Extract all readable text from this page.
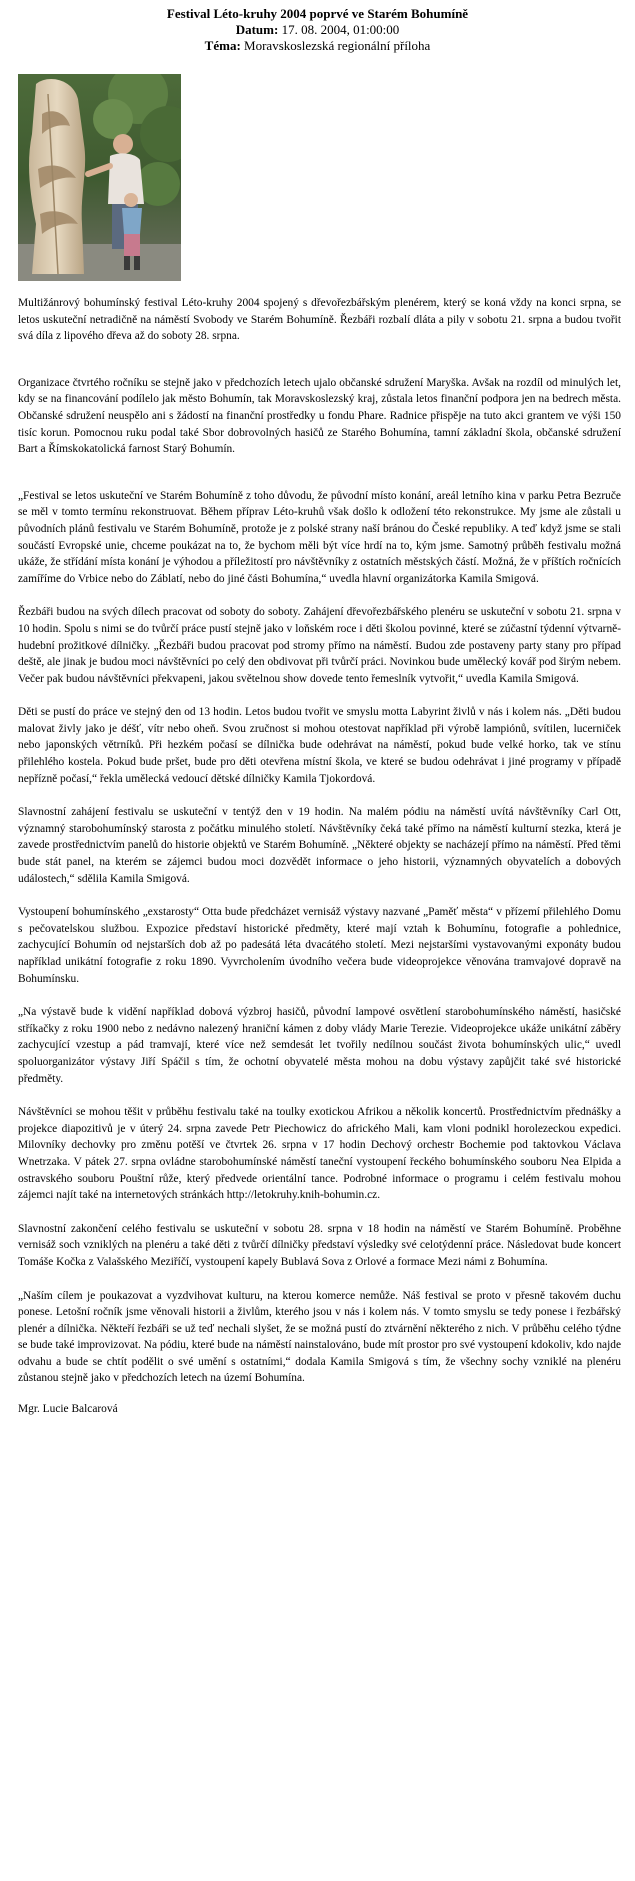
Festival Léto-kruhy 2004 poprvé ve Starém Bohumíně
Datum: 17. 08. 2004, 01:00:00
Téma: Moravskoslezská regionální příloha

Multižánrový bohumínský festival Léto-kruhy 2004 spojený s dřevořezbářským plenérem, který se koná vždy na konci srpna, se letos uskuteční netradičně na náměstí Svobody ve Starém Bohumíně. Řezbáři rozbalí dláta a pily v sobotu 21. srpna a budou tvořit svá díla z lipového dřeva až do soboty 28. srpna.

Organizace čtvrtého ročníku se stejně jako v předchozích letech ujalo občanské sdružení Maryška. Avšak na rozdíl od minulých let, kdy se na financování podílelo jak město Bohumín, tak Moravskoslezský kraj, zůstala letos finanční podpora jen na bedrech města. Občanské sdružení neuspělo ani s žádostí na finanční prostředky u fondu Phare. Radnice přispěje na tuto akci grantem ve výši 150 tisíc korun. Pomocnou ruku podal také Sbor dobrovolných hasičů ze Starého Bohumína, tamní základní škola, občanské sdružení Bart a Římskokatolická farnost Starý Bohumín.

„Festival se letos uskuteční ve Starém Bohumíně z toho důvodu, že původní místo konání, areál letního kina v parku Petra Bezruče se měl v tomto termínu rekonstruovat. Během příprav Léto-kruhů však došlo k odložení této rekonstrukce. My jsme ale zůstali u původních plánů festivalu ve Starém Bohumíně, protože je z polské strany naší bránou do České republiky. A teď když jsme se stali součástí Evropské unie, chceme poukázat na to, že bychom měli být více hrdí na to, kým jsme. Samotný průběh festivalu možná ukáže, že střídání místa konání je výhodou a příležitostí pro návštěvníky z ostatních městských částí. Možná, že v příštích ročnících zamíříme do Vrbice nebo do Záblatí, nebo do jiné části Bohumína,“ uvedla hlavní organizátorka Kamila Smigová.

Řezbáři budou na svých dílech pracovat od soboty do soboty. Zahájení dřevořezbářského plenéru se uskuteční v sobotu 21. srpna v 10 hodin. Spolu s nimi se do tvůrčí práce pustí stejně jako v loňském roce i děti školou povinné, které se zúčastní týdenní výtvarně-hudební prožitkové dílničky. „Řezbáři budou pracovat pod stromy přímo na náměstí. Budou zde postaveny party stany pro případ deště, ale jinak je budou moci návštěvníci po celý den obdivovat při tvůrčí práci. Novinkou bude umělecký kovář pod širým nebem. Večer pak budou návštěvníci překvapeni, jakou světelnou show dovede tento řemeslník vytvořit,“ uvedla Kamila Smigová.

Děti se pustí do práce ve stejný den od 13 hodin. Letos budou tvořit ve smyslu motta Labyrint živlů v nás i kolem nás. „Děti budou malovat živly jako je déšť, vítr nebo oheň. Svou zručnost si mohou otestovat například při výrobě lampiónů, svítilen, lucerniček nebo japonských větrníků. Při hezkém počasí se dílnička bude odehrávat na náměstí, pokud bude velké horko, tak ve stínu přilehlého kostela. Pokud bude pršet, bude pro děti otevřena místní škola, ve které se budou odehrávat i jiné programy v případě nepřízně počasí,“ řekla umělecká vedoucí dětské dílničky Kamila Tjokordová.

Slavnostní zahájení festivalu se uskuteční v tentýž den v 19 hodin. Na malém pódiu na náměstí uvítá návštěvníky Carl Ott, významný starobohumínský starosta z počátku minulého století. Návštěvníky čeká také přímo na náměstí kulturní stezka, která je zavede prostřednictvím panelů do historie objektů ve Starém Bohumíně. „Některé objekty se nacházejí přímo na náměstí. Před těmi bude stát panel, na kterém se zájemci budou moci dozvědět informace o jeho historii, významných obyvatelích a dobových událostech,“ sdělila Kamila Smigová.

Vystoupení bohumínského „exstarosty“ Otta bude předcházet vernisáž výstavy nazvané „Paměť města“ v přízemí přilehlého Domu s pečovatelskou službou. Expozice představí historické předměty, které mají vztah k Bohumínu, fotografie a pohlednice, zachycující Bohumín od nejstarších dob až po padesátá léta dvacátého století. Mezi nejstaršími vystavovanými exponáty budou například unikátní fotografie z roku 1890. Vyvrcholením úvodního večera bude videoprojekce věnována tramvajové dopravě na Bohumínsku.

„Na výstavě bude k vidění například dobová výzbroj hasičů, původní lampové osvětlení starobohumínského náměstí, hasičské stříkačky z roku 1900 nebo z nedávno nalezený hraniční kámen z doby vlády Marie Terezie. Videoprojekce ukáže unikátní záběry zachycující vzestup a pád tramvají, které více než semdesát let tvořily nedílnou součást života bohumínských ulic,“ uvedl spoluorganizátor výstavy Jiří Spáčil s tím, že ochotní obyvatelé města mohou na dobu výstavy zapůjčit také své historické předměty.

Návštěvníci se mohou těšit v průběhu festivalu také na toulky exotickou Afrikou a několik koncertů. Prostřednictvím přednášky a projekce diapozitivů je v úterý 24. srpna zavede Petr Piechowicz do afrického Mali, kam vloni podnikl horolezeckou expedici. Milovníky dechovky pro změnu potěší ve čtvrtek 26. srpna v 17 hodin Dechový orchestr Bochemie pod taktovkou Václava Wnetrzaka. V pátek 27. srpna ovládne starobohumínské náměstí taneční vystoupení řeckého bohumínského souboru Nea Elpida a ostravského souboru Pouštní růže, který předvede orientální tance. Podrobné informace o programu i celém festivalu mohou zájemci najít také na internetových stránkách http://letokruhy.knih-bohumin.cz.

Slavnostní zakončení celého festivalu se uskuteční v sobotu 28. srpna v 18 hodin na náměstí ve Starém Bohumíně. Proběhne vernisáž soch vzniklých na plenéru a také děti z tvůrčí dílničky představí výsledky své celotýdenní práce. Následovat bude koncert Tomáše Kočka z Valašského Meziříčí, vystoupení kapely Bublavá Sova z Orlové a formace Mezi námi z Bohumína.

„Naším cílem je poukazovat a vyzdvihovat kulturu, na kterou komerce nemůže. Náš festival se proto v přesně takovém duchu ponese. Letošní ročník jsme věnovali historii a živlům, kterého jsou v nás i kolem nás. V tomto smyslu se tedy ponese i řezbářský plenér a dílnička. Někteří řezbáři se už teď nechali slyšet, že se možná pustí do ztvárnění některého z nich. V průběhu celého týdne se bude také improvizovat. Na pódiu, které bude na náměstí nainstalováno, bude mít prostor pro své vystoupení kdokoliv, kdo najde odvahu a bude se chtít podělit o své umění s ostatními,“ dodala Kamila Smigová s tím, že všechny sochy vzniklé na plenéru zůstanou stejně jako v předchozích letech na území Bohumína.

Mgr. Lucie Balcarová
